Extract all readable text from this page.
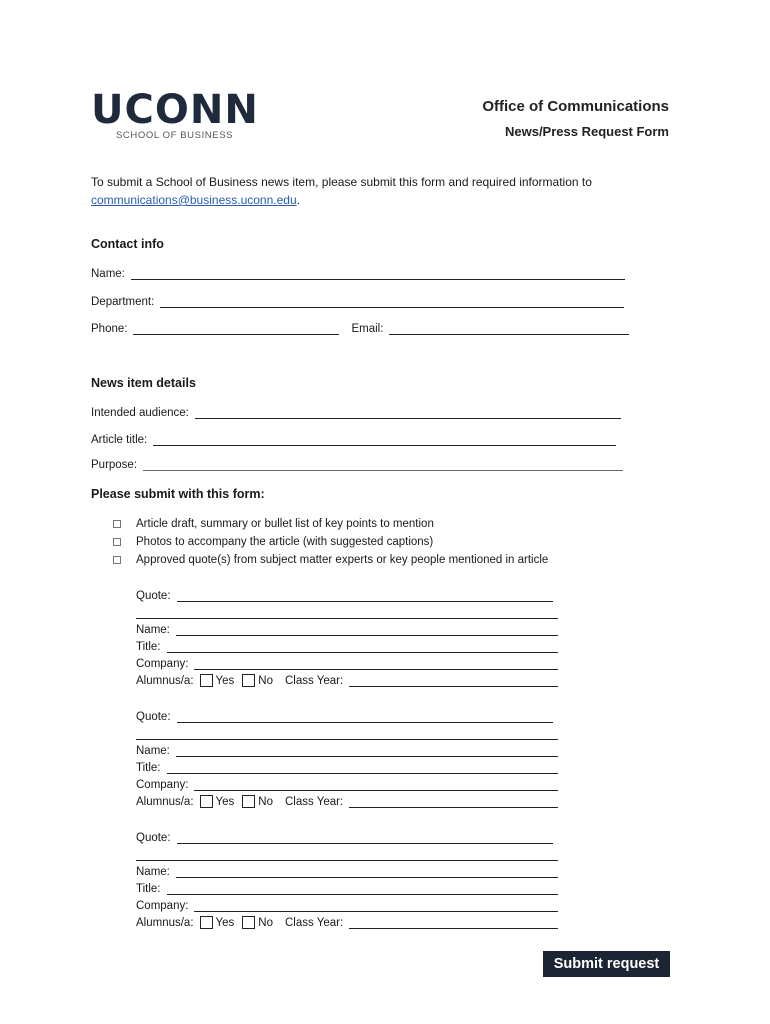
UCONN
SCHOOL OF BUSINESS
Office of Communications
News/Press Request Form
To submit a School of Business news item, please submit this form and required information to
communications@business.uconn.edu.
Contact info
Name:
Department:
Phone:	Email:
News item details
Intended audience:
Article title:
Purpose:
Please submit with this form:
Article draft, summary or bullet list of key points to mention
Photos to accompany the article (with suggested captions)
Approved quote(s) from subject matter experts or key people mentioned in article
Quote:
Name:
Title:
Company:
Alumnus/a: Yes No Class Year:
Quote:
Name:
Title:
Company:
Alumnus/a: Yes No Class Year:
Quote:
Name:
Title:
Company:
Alumnus/a: Yes No Class Year:
Submit request
